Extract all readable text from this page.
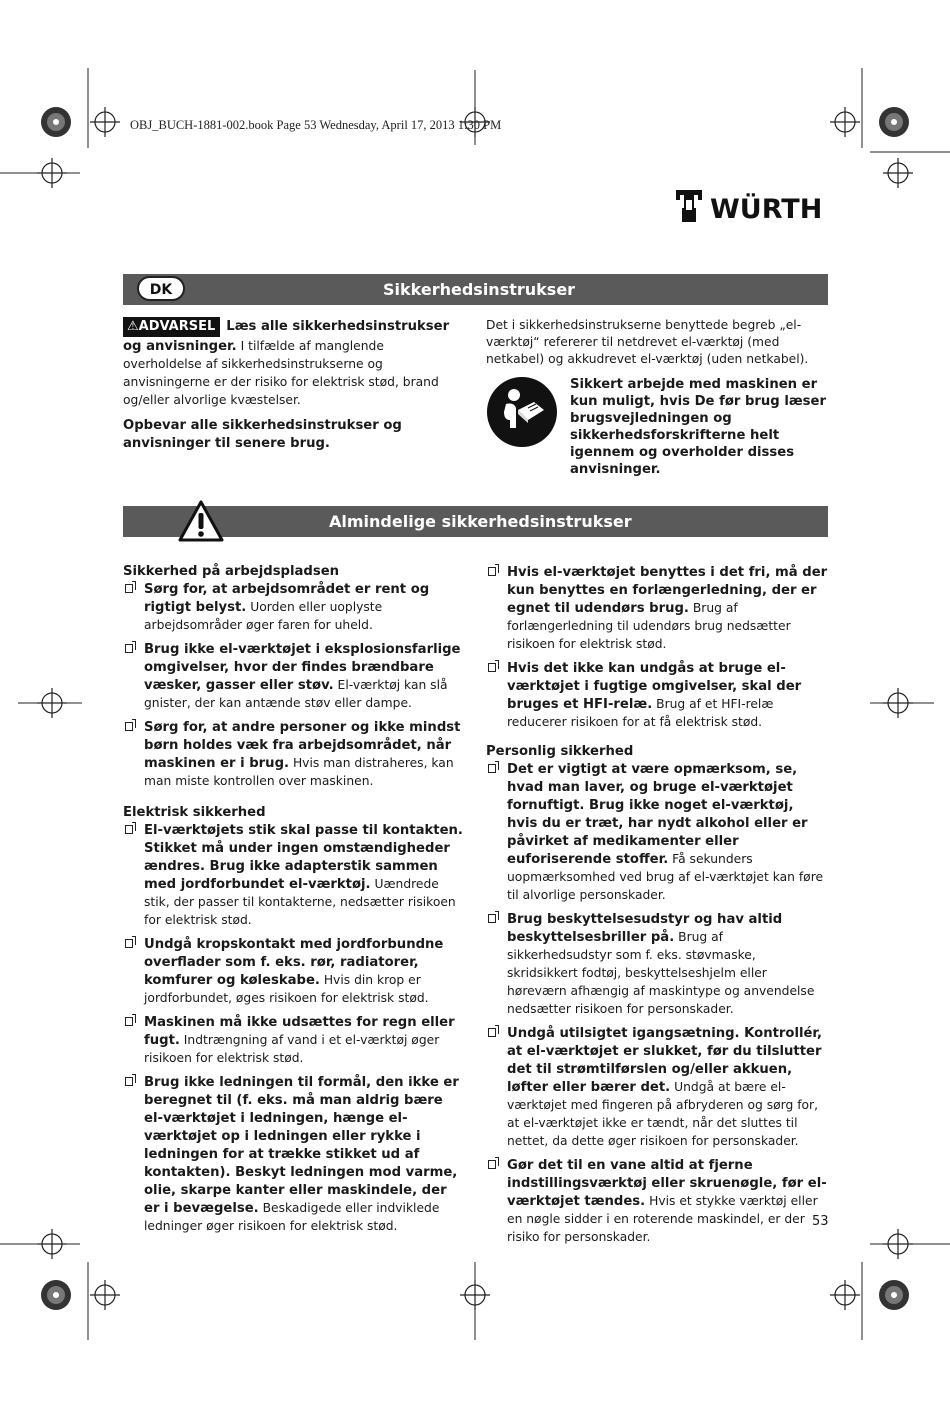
OBJ_BUCH-1881-002.book Page 53 Wednesday, April 17, 2013 1:30 PM
WÜRTH
DK	Sikkerhedsinstrukser

⚠ADVARSEL Læs alle sikkerhedsinstrukser og anvisninger. I tilfælde af manglende overholdelse af sikkerhedsinstrukserne og anvisningerne er der risiko for elektrisk stød, brand og/eller alvorlige kvæstelser.

Opbevar alle sikkerhedsinstrukser og anvisninger til senere brug.

Det i sikkerhedsinstrukserne benyttede begreb „el-værktøj“ refererer til netdrevet el-værktøj (med netkabel) og akkudrevet el-værktøj (uden netkabel).

Sikkert arbejde med maskinen er kun muligt, hvis De før brug læser brugsvejledningen og sikkerhedsforskrifterne helt igennem og overholder disses anvisninger.

Almindelige sikkerhedsinstrukser

Sikkerhed på arbejdspladsen

Sørg for, at arbejdsområdet er rent og rigtigt belyst. Uorden eller uoplyste arbejdsområder øger faren for uheld.
Brug ikke el-værktøjet i eksplosionsfarlige omgivelser, hvor der findes brændbare væsker, gasser eller støv. El-værktøj kan slå gnister, der kan antænde støv eller dampe.
Sørg for, at andre personer og ikke mindst børn holdes væk fra arbejdsområdet, når maskinen er i brug. Hvis man distraheres, kan man miste kontrollen over maskinen.

Elektrisk sikkerhed

El-værktøjets stik skal passe til kontakten. Stikket må under ingen omstændigheder ændres. Brug ikke adapterstik sammen med jordforbundet el-værktøj. Uændrede stik, der passer til kontakterne, nedsætter risikoen for elektrisk stød.
Undgå kropskontakt med jordforbundne overflader som f. eks. rør, radiatorer, komfurer og køleskabe. Hvis din krop er jordforbundet, øges risikoen for elektrisk stød.
Maskinen må ikke udsættes for regn eller fugt. Indtrængning af vand i et el-værktøj øger risikoen for elektrisk stød.
Brug ikke ledningen til formål, den ikke er beregnet til (f. eks. må man aldrig bære el-værktøjet i ledningen, hænge el-værktøjet op i ledningen eller rykke i ledningen for at trække stikket ud af kontakten). Beskyt ledningen mod varme, olie, skarpe kanter eller maskindele, der er i bevægelse. Beskadigede eller indviklede ledninger øger risikoen for elektrisk stød.
Hvis el-værktøjet benyttes i det fri, må der kun benyttes en forlængerledning, der er egnet til udendørs brug. Brug af forlængerledning til udendørs brug nedsætter risikoen for elektrisk stød.
Hvis det ikke kan undgås at bruge el-værktøjet i fugtige omgivelser, skal der bruges et HFI-relæ. Brug af et HFI-relæ reducerer risikoen for at få elektrisk stød.

Personlig sikkerhed

Det er vigtigt at være opmærksom, se, hvad man laver, og bruge el-værktøjet fornuftigt. Brug ikke noget el-værktøj, hvis du er træt, har nydt alkohol eller er påvirket af medikamenter eller euforiserende stoffer. Få sekunders uopmærksomhed ved brug af el-værktøjet kan føre til alvorlige personskader.
Brug beskyttelsesudstyr og hav altid beskyttelsesbriller på. Brug af sikkerhedsudstyr som f. eks. støvmaske, skridsikkert fodtøj, beskyttelseshjelm eller høreværn afhængig af maskintype og anvendelse nedsætter risikoen for personskader.
Undgå utilsigtet igangsætning. Kontrollér, at el-værktøjet er slukket, før du tilslutter det til strømtilførslen og/eller akkuen, løfter eller bærer det. Undgå at bære el-værktøjet med fingeren på afbryderen og sørg for, at el-værktøjet ikke er tændt, når det sluttes til nettet, da dette øger risikoen for personskader.
Gør det til en vane altid at fjerne indstillingsværktøj eller skruenøgle, før el-værktøjet tændes. Hvis et stykke værktøj eller en nøgle sidder i en roterende maskindel, er der risiko for personskader.
53
